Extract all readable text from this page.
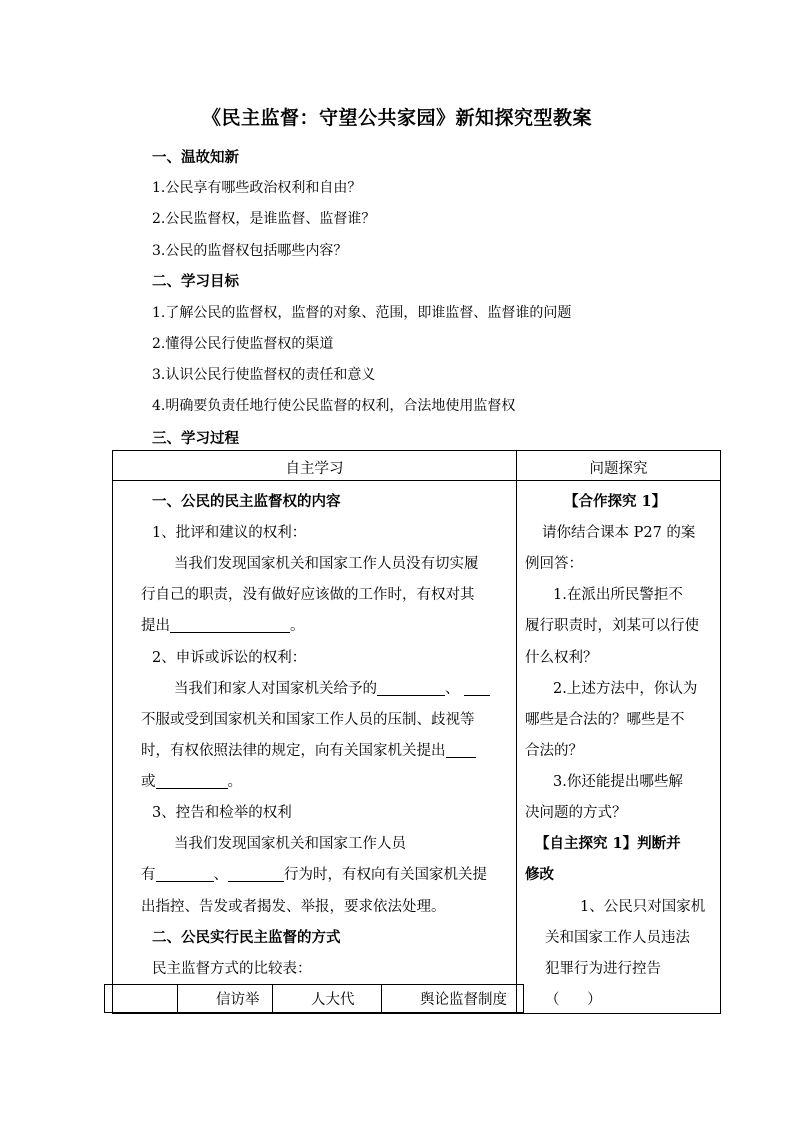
《民主监督：守望公共家园》新知探究型教案
一、温故知新
1.公民享有哪些政治权利和自由？
2.公民监督权，是谁监督、监督谁？
3.公民的监督权包括哪些内容？
二、学习目标
1.了解公民的监督权，监督的对象、范围，即谁监督、监督谁的问题
2.懂得公民行使监督权的渠道
3.认识公民行使监督权的责任和意义
4.明确要负责任地行使公民监督的权利，合法地使用监督权
三、学习过程
自主学习	问题探究
一、公民的民主监督权的内容
1、批评和建议的权利：
当我们发现国家机关和国家工作人员没有切实履
行自己的职责，没有做好应该做的工作时，有权对其
提出	。
2、申诉或诉讼的权利：
当我们和家人对国家机关给予的	、
不服或受到国家机关和国家工作人员的压制、歧视等
时，有权依照法律的规定，向有关国家机关提出
或	。
3、控告和检举的权利
当我们发现国家机关和国家工作人员
有	、	行为时，有权向有关国家机关提
出指控、告发或者揭发、举报，要求依法处理。
二、公民实行民主监督的方式
民主监督方式的比较表：
信访举	人大代	舆论监督制度
【合作探究 1】
请你结合课本 P27 的案
例回答：
1.在派出所民警拒不
履行职责时，刘某可以行使
什么权利？
2.上述方法中，你认为
哪些是合法的？哪些是不
合法的？
3.你还能提出哪些解
决问题的方式？
【自主探究 1】判断并
修改
1、公民只对国家机
关和国家工作人员违法
犯罪行为进行控告
（      ）
